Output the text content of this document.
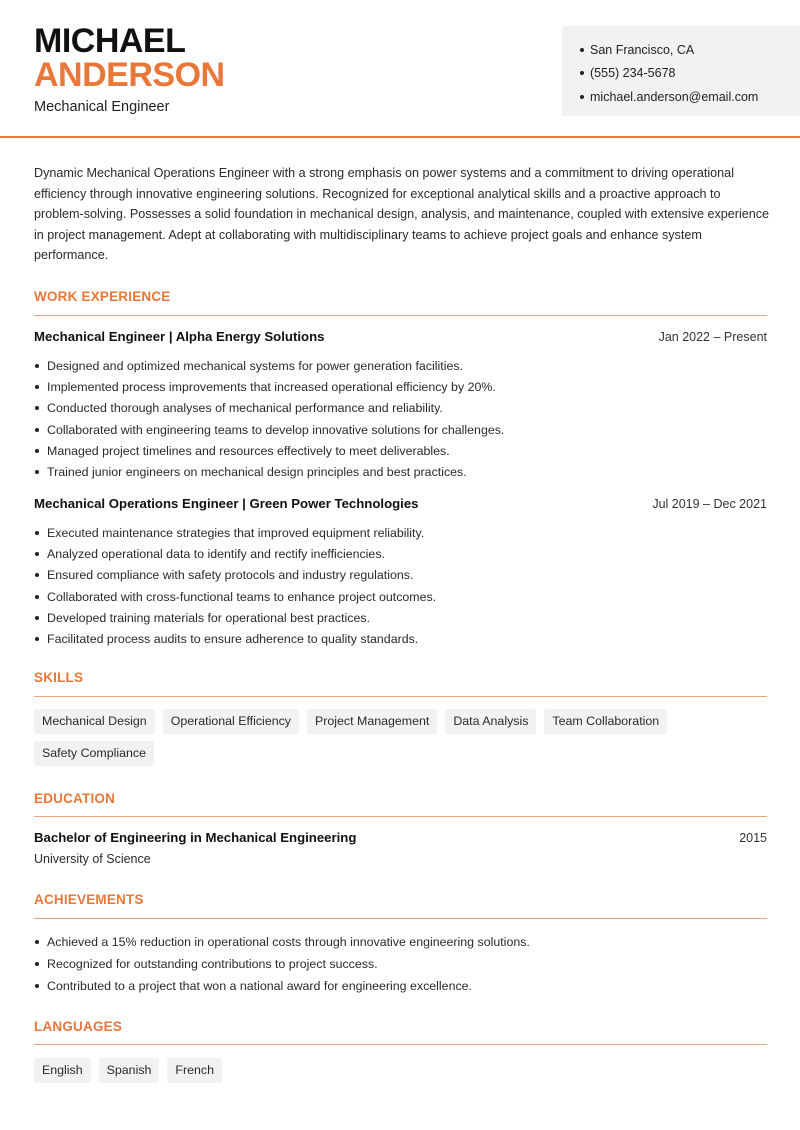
MICHAEL
ANDERSON
Mechanical Engineer
San Francisco, CA
(555) 234-5678
michael.anderson@email.com

Dynamic Mechanical Operations Engineer with a strong emphasis on power systems and a commitment to driving operational efficiency through innovative engineering solutions. Recognized for exceptional analytical skills and a proactive approach to problem-solving. Possesses a solid foundation in mechanical design, analysis, and maintenance, coupled with extensive experience in project management. Adept at collaborating with multidisciplinary teams to achieve project goals and enhance system performance.

WORK EXPERIENCE
Mechanical Engineer | Alpha Energy Solutions	Jan 2022 – Present
Designed and optimized mechanical systems for power generation facilities.
Implemented process improvements that increased operational efficiency by 20%.
Conducted thorough analyses of mechanical performance and reliability.
Collaborated with engineering teams to develop innovative solutions for challenges.
Managed project timelines and resources effectively to meet deliverables.
Trained junior engineers on mechanical design principles and best practices.
Mechanical Operations Engineer | Green Power Technologies	Jul 2019 – Dec 2021
Executed maintenance strategies that improved equipment reliability.
Analyzed operational data to identify and rectify inefficiencies.
Ensured compliance with safety protocols and industry regulations.
Collaborated with cross-functional teams to enhance project outcomes.
Developed training materials for operational best practices.
Facilitated process audits to ensure adherence to quality standards.
SKILLS
Mechanical Design	Operational Efficiency	Project Management	Data Analysis	Team Collaboration
Safety Compliance
EDUCATION
Bachelor of Engineering in Mechanical Engineering	2015
University of Science
ACHIEVEMENTS
Achieved a 15% reduction in operational costs through innovative engineering solutions.
Recognized for outstanding contributions to project success.
Contributed to a project that won a national award for engineering excellence.
LANGUAGES
English	Spanish	French
